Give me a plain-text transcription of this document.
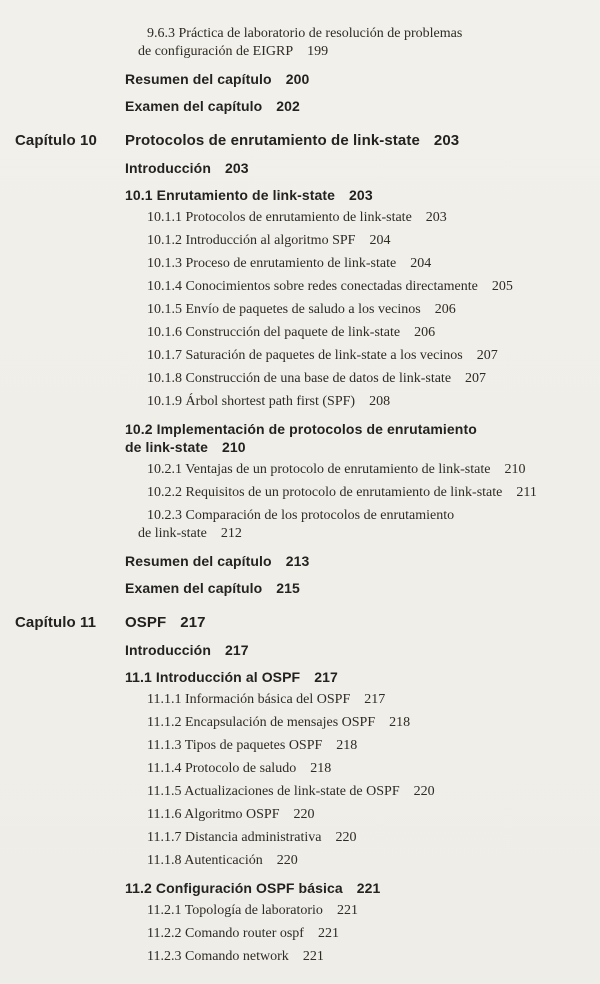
9.6.3 Práctica de laboratorio de resolución de problemas
de configuración de EIGRP 199
Resumen del capítulo 200
Examen del capítulo 202
Capítulo 10	Protocolos de enrutamiento de link-state 203
Introducción 203
10.1 Enrutamiento de link-state 203
10.1.1 Protocolos de enrutamiento de link-state 203
10.1.2 Introducción al algoritmo SPF 204
10.1.3 Proceso de enrutamiento de link-state 204
10.1.4 Conocimientos sobre redes conectadas directamente 205
10.1.5 Envío de paquetes de saludo a los vecinos 206
10.1.6 Construcción del paquete de link-state 206
10.1.7 Saturación de paquetes de link-state a los vecinos 207
10.1.8 Construcción de una base de datos de link-state 207
10.1.9 Árbol shortest path first (SPF) 208
10.2 Implementación de protocolos de enrutamiento
de link-state 210
10.2.1 Ventajas de un protocolo de enrutamiento de link-state 210
10.2.2 Requisitos de un protocolo de enrutamiento de link-state 211
10.2.3 Comparación de los protocolos de enrutamiento
de link-state 212
Resumen del capítulo 213
Examen del capítulo 215
Capítulo 11	OSPF 217
Introducción 217
11.1 Introducción al OSPF 217
11.1.1 Información básica del OSPF 217
11.1.2 Encapsulación de mensajes OSPF 218
11.1.3 Tipos de paquetes OSPF 218
11.1.4 Protocolo de saludo 218
11.1.5 Actualizaciones de link-state de OSPF 220
11.1.6 Algoritmo OSPF 220
11.1.7 Distancia administrativa 220
11.1.8 Autenticación 220
11.2 Configuración OSPF básica 221
11.2.1 Topología de laboratorio 221
11.2.2 Comando router ospf 221
11.2.3 Comando network 221
